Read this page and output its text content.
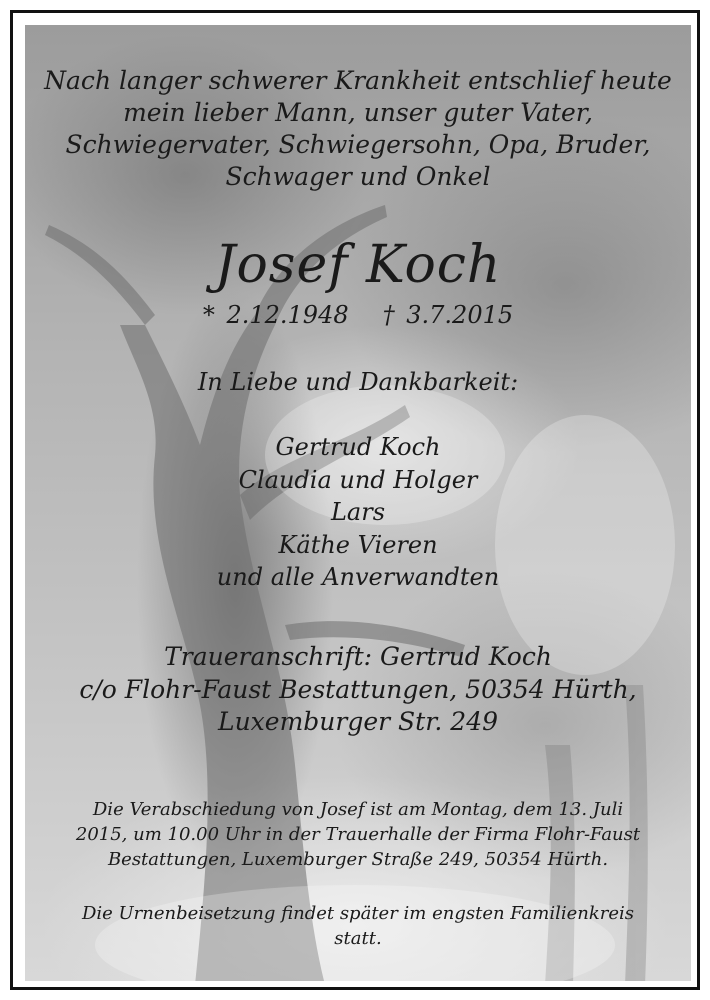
Nach langer schwerer Krankheit entschlief heute
mein lieber Mann, unser guter Vater,
Schwiegervater, Schwiegersohn, Opa, Bruder,
Schwager und Onkel
Josef Koch
* 2.12.1948 † 3.7.2015
In Liebe und Dankbarkeit:
Gertrud Koch
Claudia und Holger
Lars
Käthe Vieren
und alle Anverwandten
Traueranschrift: Gertrud Koch
c/o Flohr-Faust Bestattungen, 50354 Hürth,
Luxemburger Str. 249
Die Verabschiedung von Josef ist am Montag, dem 13. Juli
2015, um 10.00 Uhr in der Trauerhalle der Firma Flohr-Faust
Bestattungen, Luxemburger Straße 249, 50354 Hürth.
Die Urnenbeisetzung findet später im engsten Familienkreis
statt.
